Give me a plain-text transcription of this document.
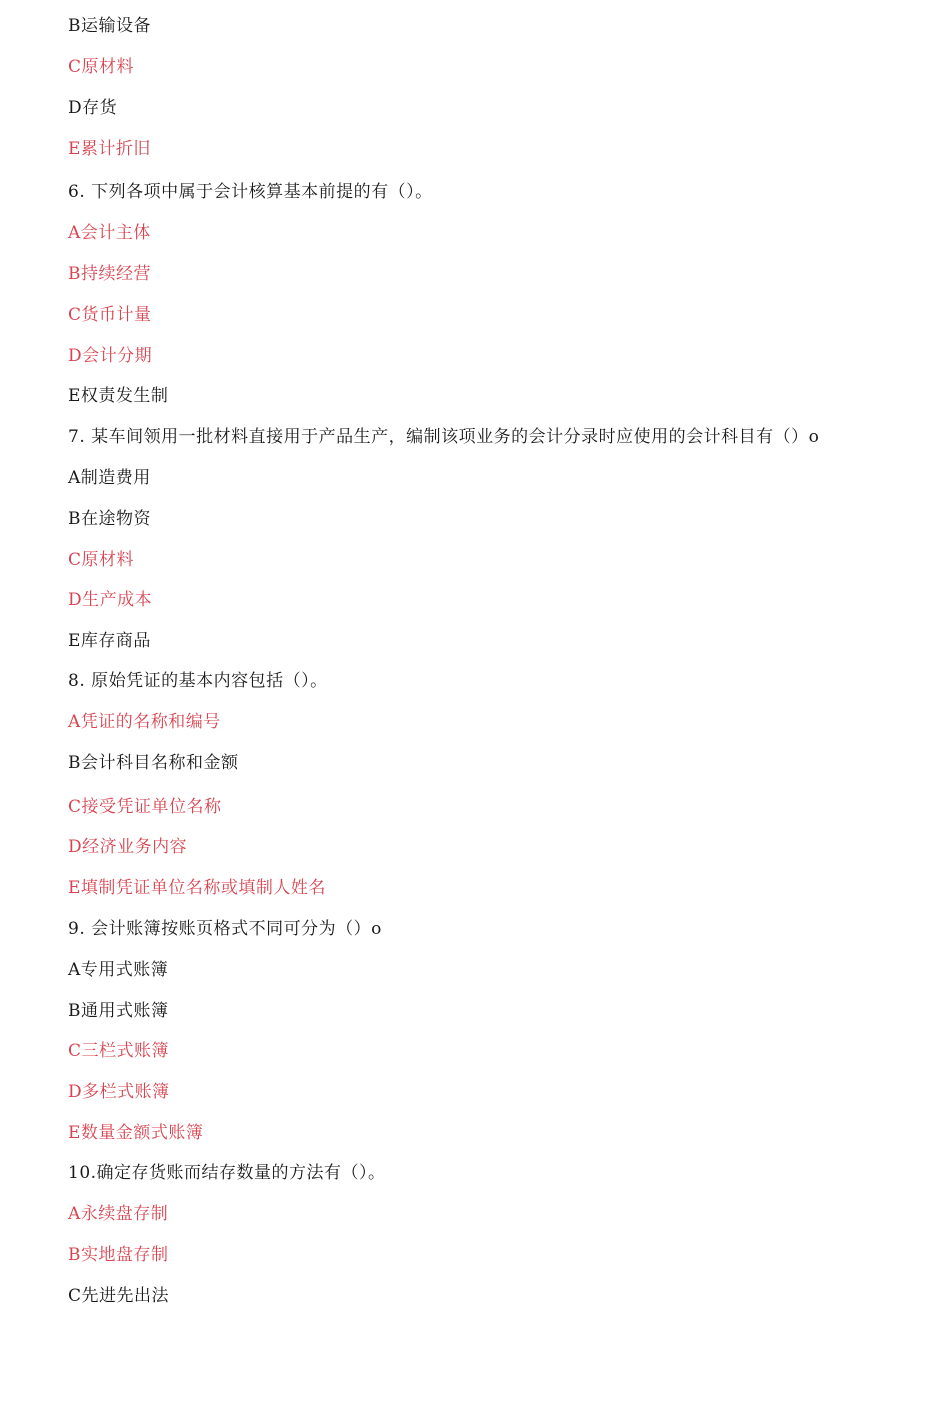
B运输设备
C原材料
D存货
E累计折旧
6. 下列各项中属于会计核算基本前提的有（）。
A会计主体
B持续经营
C货币计量
D会计分期
E权责发生制
7. 某车间领用一批材料直接用于产品生产，编制该项业务的会计分录时应使用的会计科目有（）o
A制造费用
B在途物资
C原材料
D生产成本
E库存商品
8. 原始凭证的基本内容包括（）。
A凭证的名称和编号
B会计科目名称和金额
C接受凭证单位名称
D经济业务内容
E填制凭证单位名称或填制人姓名
9. 会计账簿按账页格式不同可分为（）o
A专用式账簿
B通用式账簿
C三栏式账簿
D多栏式账簿
E数量金额式账簿
10.确定存货账而结存数量的方法有（）。
A永续盘存制
B实地盘存制
C先进先出法
